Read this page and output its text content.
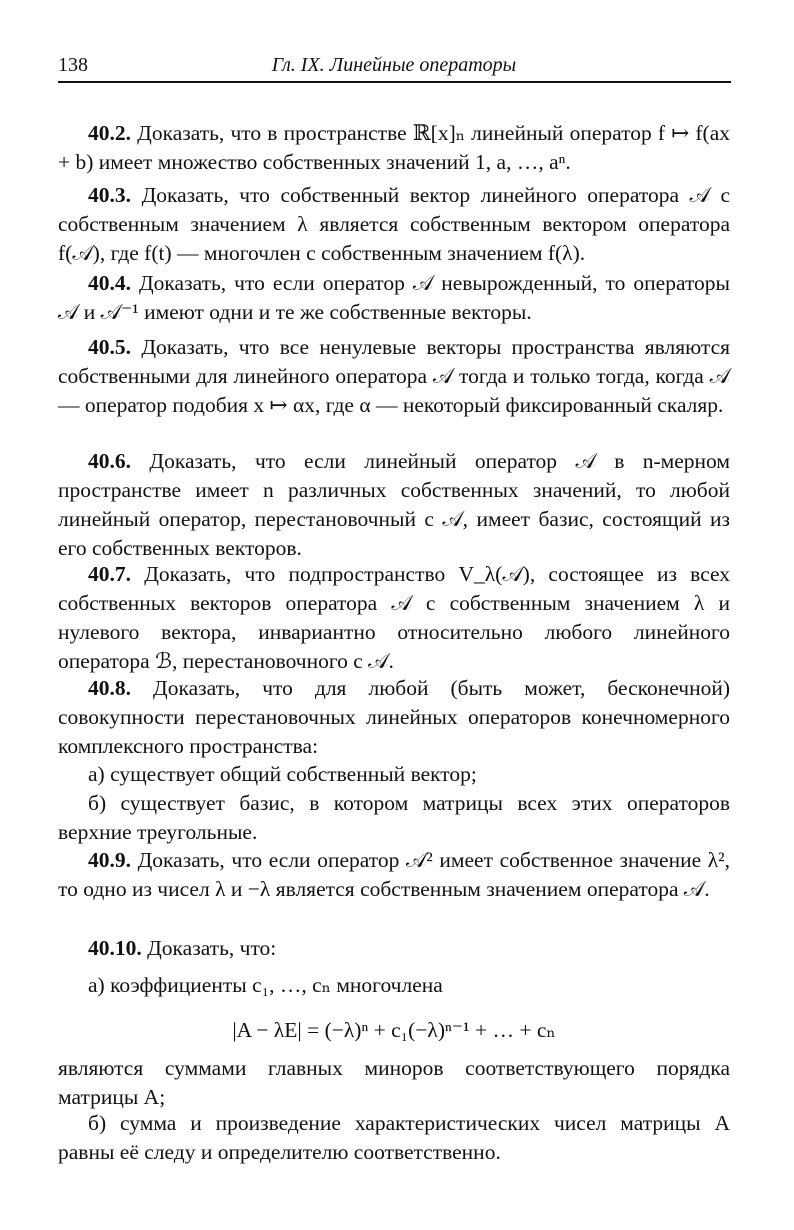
138	Гл. IX. Линейные операторы
40.2. Доказать, что в пространстве ℝ[x]ₙ линейный оператор f ↦ f(ax + b) имеет множество собственных значений 1, a, …, aⁿ.
40.3. Доказать, что собственный вектор линейного оператора 𝒜 с собственным значением λ является собственным вектором оператора f(𝒜), где f(t) — многочлен с собственным значением f(λ).
40.4. Доказать, что если оператор 𝒜 невырожденный, то операторы 𝒜 и 𝒜⁻¹ имеют одни и те же собственные векторы.
40.5. Доказать, что все ненулевые векторы пространства являются собственными для линейного оператора 𝒜 тогда и только тогда, когда 𝒜 — оператор подобия x ↦ αx, где α — некоторый фиксированный скаляр.
40.6. Доказать, что если линейный оператор 𝒜 в n-мерном пространстве имеет n различных собственных значений, то любой линейный оператор, перестановочный с 𝒜, имеет базис, состоящий из его собственных векторов.
40.7. Доказать, что подпространство V_λ(𝒜), состоящее из всех собственных векторов оператора 𝒜 с собственным значением λ и нулевого вектора, инвариантно относительно любого линейного оператора ℬ, перестановочного с 𝒜.
40.8. Доказать, что для любой (быть может, бесконечной) совокупности перестановочных линейных операторов конечномерного комплексного пространства:
а) существует общий собственный вектор;
б) существует базис, в котором матрицы всех этих операторов верхние треугольные.
40.9. Доказать, что если оператор 𝒜² имеет собственное значение λ², то одно из чисел λ и −λ является собственным значением оператора 𝒜.
40.10. Доказать, что:
а) коэффициенты c₁, …, cₙ многочлена
|A − λE| = (−λ)ⁿ + c₁(−λ)ⁿ⁻¹ + … + cₙ
являются суммами главных миноров соответствующего порядка матрицы A;
б) сумма и произведение характеристических чисел матрицы A равны её следу и определителю соответственно.
